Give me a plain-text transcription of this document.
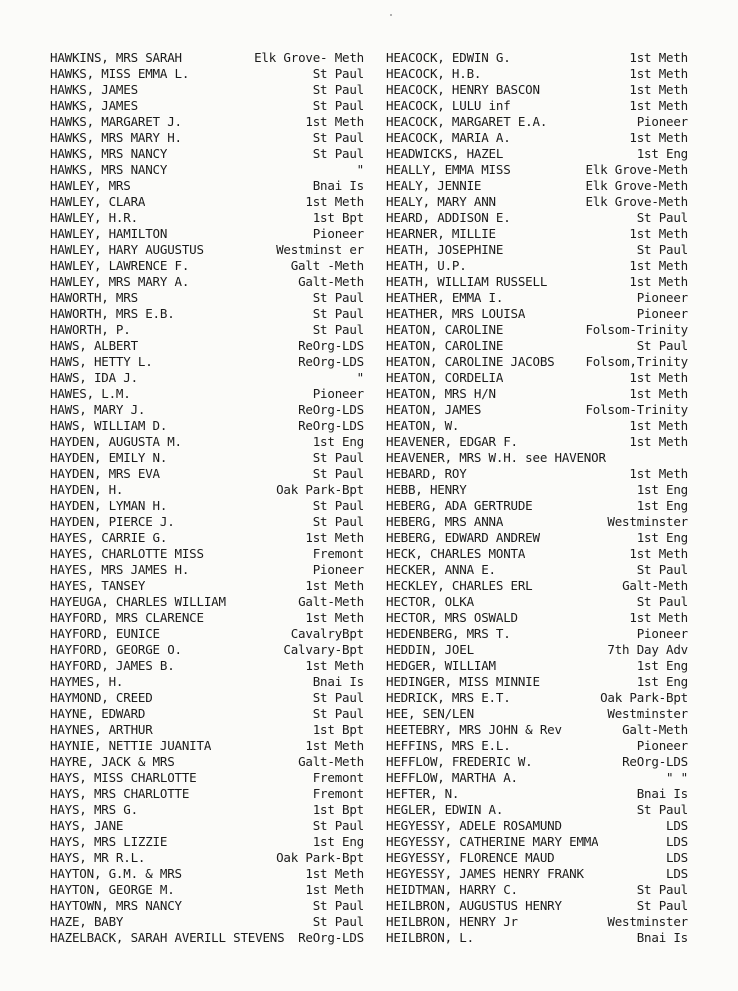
HAWKINS, MRS SARAH	Elk Grove- Meth
HAWKS, MISS EMMA L.	St Paul
HAWKS, JAMES	St Paul
HAWKS, JAMES	St Paul
HAWKS, MARGARET J.	1st Meth
HAWKS, MRS MARY H.	St Paul
HAWKS, MRS NANCY	St Paul
HAWKS, MRS NANCY	"
HAWLEY, MRS	Bnai Is
HAWLEY, CLARA	1st Meth
HAWLEY, H.R.	1st Bpt
HAWLEY, HAMILTON	Pioneer
HAWLEY, HARY AUGUSTUS	Westminst er
HAWLEY, LAWRENCE F.	Galt -Meth
HAWLEY, MRS MARY A.	Galt-Meth
HAWORTH, MRS	St Paul
HAWORTH, MRS E.B.	St Paul
HAWORTH, P.	St Paul
HAWS, ALBERT	ReOrg-LDS
HAWS, HETTY L.	ReOrg-LDS
HAWS, IDA J.	"
HAWES, L.M.	Pioneer
HAWS, MARY J.	ReOrg-LDS
HAWS, WILLIAM D.	ReOrg-LDS
HAYDEN, AUGUSTA M.	1st Eng
HAYDEN, EMILY N.	St Paul
HAYDEN, MRS EVA	St Paul
HAYDEN, H.	Oak Park-Bpt
HAYDEN, LYMAN H.	St Paul
HAYDEN, PIERCE J.	St Paul
HAYES, CARRIE G.	1st Meth
HAYES, CHARLOTTE MISS	Fremont
HAYES, MRS JAMES H.	Pioneer
HAYES, TANSEY	1st Meth
HAYEUGA, CHARLES WILLIAM	Galt-Meth
HAYFORD, MRS CLARENCE	1st Meth
HAYFORD, EUNICE	CavalryBpt
HAYFORD, GEORGE O.	Calvary-Bpt
HAYFORD, JAMES B.	1st Meth
HAYMES, H.	Bnai Is
HAYMOND, CREED	St Paul
HAYNE, EDWARD	St Paul
HAYNES, ARTHUR	1st Bpt
HAYNIE, NETTIE JUANITA	1st Meth
HAYRE, JACK & MRS	Galt-Meth
HAYS, MISS CHARLOTTE	Fremont
HAYS, MRS CHARLOTTE	Fremont
HAYS, MRS G.	1st Bpt
HAYS, JANE	St Paul
HAYS, MRS LIZZIE	1st Eng
HAYS, MR R.L.	Oak Park-Bpt
HAYTON, G.M. & MRS	1st Meth
HAYTON, GEORGE M.	1st Meth
HAYTOWN, MRS NANCY	St Paul
HAZE, BABY	St Paul
HAZELBACK, SARAH AVERILL STEVENS	ReOrg-LDS
HEACOCK, EDWIN G.	1st Meth
HEACOCK, H.B.	1st Meth
HEACOCK, HENRY BASCON	1st Meth
HEACOCK, LULU inf	1st Meth
HEACOCK, MARGARET E.A.	Pioneer
HEACOCK, MARIA A.	1st Meth
HEADWICKS, HAZEL	1st Eng
HEALLY, EMMA MISS	Elk Grove-Meth
HEALY, JENNIE	Elk Grove-Meth
HEALY, MARY ANN	Elk Grove-Meth
HEARD, ADDISON E.	St Paul
HEARNER, MILLIE	1st Meth
HEATH, JOSEPHINE	St Paul
HEATH, U.P.	1st Meth
HEATH, WILLIAM RUSSELL	1st Meth
HEATHER, EMMA I.	Pioneer
HEATHER, MRS LOUISA	Pioneer
HEATON, CAROLINE	Folsom-Trinity
HEATON, CAROLINE	St Paul
HEATON, CAROLINE JACOBS	Folsom,Trinity
HEATON, CORDELIA	1st Meth
HEATON, MRS H/N	1st Meth
HEATON, JAMES	Folsom-Trinity
HEATON, W.	1st Meth
HEAVENER, EDGAR F.	1st Meth
HEAVENER, MRS W.H. see HAVENOR
HEBARD, ROY	1st Meth
HEBB, HENRY	1st Eng
HEBERG, ADA GERTRUDE	1st Eng
HEBERG, MRS ANNA	Westminster
HEBERG, EDWARD ANDREW	1st Eng
HECK, CHARLES MONTA	1st Meth
HECKER, ANNA E.	St Paul
HECKLEY, CHARLES ERL	Galt-Meth
HECTOR, OLKA	St Paul
HECTOR, MRS OSWALD	1st Meth
HEDENBERG, MRS T.	Pioneer
HEDDIN, JOEL	7th Day Adv
HEDGER, WILLIAM	1st Eng
HEDINGER, MISS MINNIE	1st Eng
HEDRICK, MRS E.T.	Oak Park-Bpt
HEE, SEN/LEN	Westminster
HEETEBRY, MRS JOHN & Rev	Galt-Meth
HEFFINS, MRS E.L.	Pioneer
HEFFLOW, FREDERIC W.	ReOrg-LDS
HEFFLOW, MARTHA A.	" "
HEFTER, N.	Bnai Is
HEGLER, EDWIN A.	St Paul
HEGYESSY, ADELE ROSAMUND	LDS
HEGYESSY, CATHERINE MARY EMMA	LDS
HEGYESSY, FLORENCE MAUD	LDS
HEGYESSY, JAMES HENRY FRANK	LDS
HEIDTMAN, HARRY C.	St Paul
HEILBRON, AUGUSTUS HENRY	St Paul
HEILBRON, HENRY Jr	Westminster
HEILBRON, L.	Bnai Is
